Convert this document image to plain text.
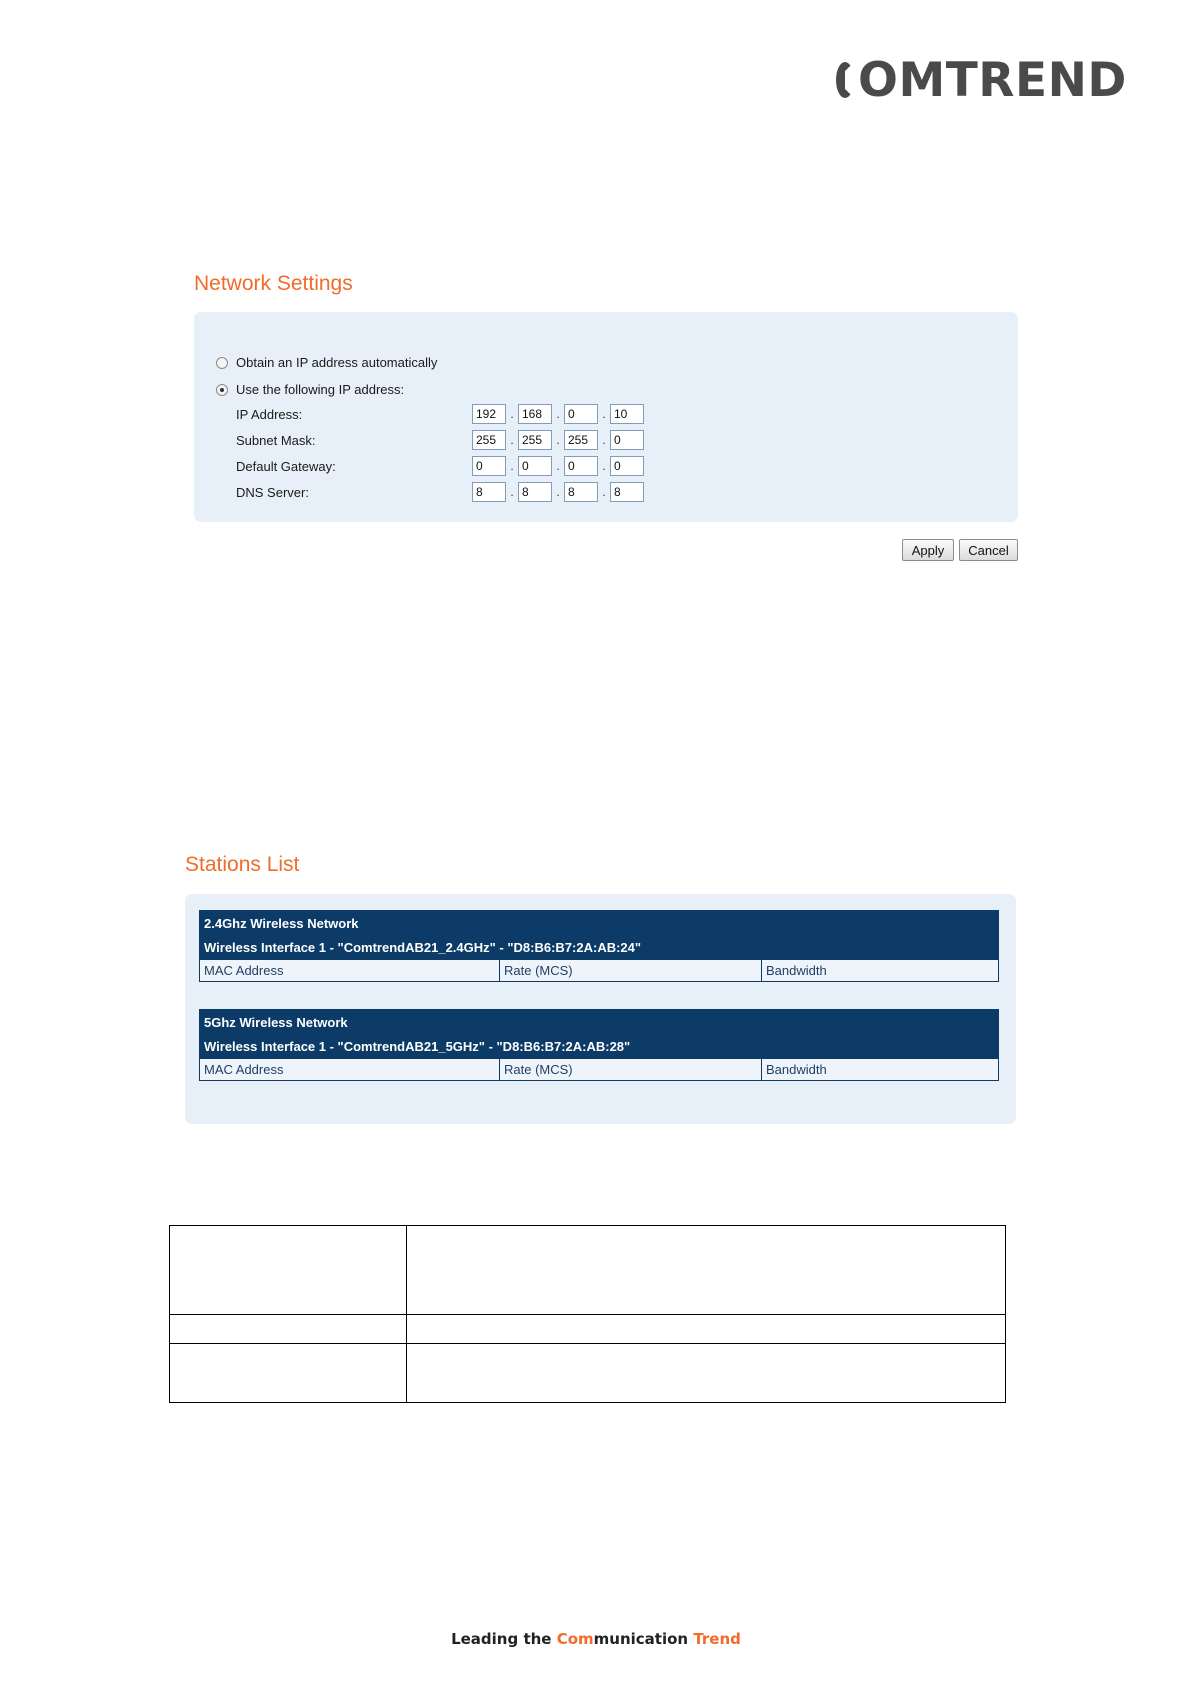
OMTREND
Network Settings
Obtain an IP address automatically
Use the following IP address:
IP Address:
192	.
168	.
0	.
10
Subnet Mask:
255	.
255	.
255	.
0
Default Gateway:
0	.
0	.
0	.
0
DNS Server:
8	.
8	.
8	.
8
Apply	Cancel
Stations List
2.4Ghz Wireless Network
Wireless Interface 1 - "ComtrendAB21_2.4GHz" - "D8:B6:B7:2A:AB:24"
MAC Address	Rate (MCS)	Bandwidth
5Ghz Wireless Network
Wireless Interface 1 - "ComtrendAB21_5GHz" - "D8:B6:B7:2A:AB:28"
MAC Address	Rate (MCS)	Bandwidth

Leading the Communication Trend
